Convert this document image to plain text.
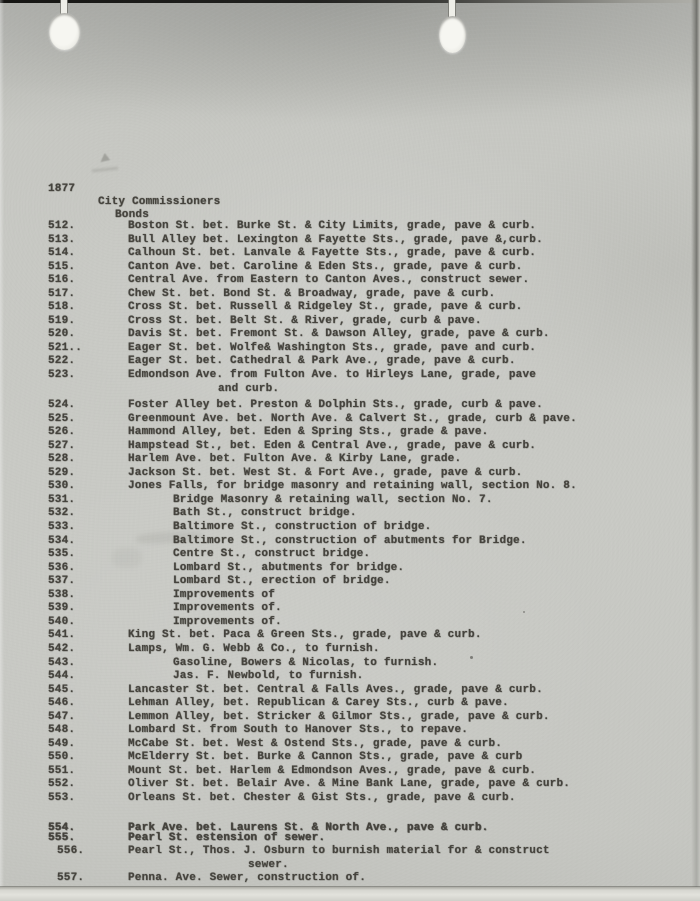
1877
City Commissioners
Bonds
512.	Boston St. bet. Burke St. & City Limits, grade, pave & curb.
513.	Bull Alley bet. Lexington & Fayette Sts., grade, pave &,curb.
514.	Calhoun St. bet. Lanvale & Fayette Sts., grade, pave & curb.
515.	Canton Ave. bet. Caroline & Eden Sts., grade, pave & curb.
516.	Central Ave. from Eastern to Canton Aves., construct sewer.
517.	Chew St. bet. Bond St. & Broadway, grade, pave & curb.
518.	Cross St. bet. Russell & Ridgeley St., grade, pave & curb.
519.	Cross St. bet. Belt St. & River, grade, curb & pave.
520.	Davis St. bet. Fremont St. & Dawson Alley, grade, pave & curb.
521..	Eager St. bet. Wolfe& Washington Sts., grade, pave and curb.
522.	Eager St. bet. Cathedral & Park Ave., grade, pave & curb.
523.	Edmondson Ave. from Fulton Ave. to Hirleys Lane, grade, pave
and curb.
524.	Foster Alley bet. Preston & Dolphin Sts., grade, curb & pave.
525.	Greenmount Ave. bet. North Ave. & Calvert St., grade, curb & pave.
526.	Hammond Alley, bet. Eden & Spring Sts., grade & pave.
527.	Hampstead St., bet. Eden & Central Ave., grade, pave & curb.
528.	Harlem Ave. bet. Fulton Ave. & Kirby Lane, grade.
529.	Jackson St. bet. West St. & Fort Ave., grade, pave & curb.
530.	Jones Falls, for bridge masonry and retaining wall, section No. 8.
531.	Bridge Masonry & retaining wall, section No. 7.
532.	Bath St., construct bridge.
533.	Baltimore St., construction of bridge.
534.	Baltimore St., construction of abutments for Bridge.
535.	Centre St., construct bridge.
536.	Lombard St., abutments for bridge.
537.	Lombard St., erection of bridge.
538.	Improvements of
539.	Improvements of.
540.	Improvements of.
541.	King St. bet. Paca & Green Sts., grade, pave & curb.
542.	Lamps, Wm. G. Webb & Co., to furnish.
543.	Gasoline, Bowers & Nicolas, to furnish.
544.	Jas. F. Newbold, to furnish.
545.	Lancaster St. bet. Central & Falls Aves., grade, pave & curb.
546.	Lehman Alley, bet. Republican & Carey Sts., curb & pave.
547.	Lemmon Alley, bet. Stricker & Gilmor Sts., grade, pave & curb.
548.	Lombard St. from South to Hanover Sts., to repave.
549.	McCabe St. bet. West & Ostend Sts., grade, pave & curb.
550.	McElderry St. bet. Burke & Cannon Sts., grade, pave & curb
551.	Mount St. bet. Harlem & Edmondson Aves., grade, pave & curb.
552.	Oliver St. bet. Belair Ave. & Mine Bank Lane, grade, pave & curb.
553.	Orleans St. bet. Chester & Gist Sts., grade, pave & curb.
554.	Park Ave. bet. Laurens St. & North Ave., pave & curb.
555.	Pearl St. estension of sewer.
556.	Pearl St., Thos. J. Osburn to burnish material for & construct
sewer.
557.	Penna. Ave. Sewer, construction of.
